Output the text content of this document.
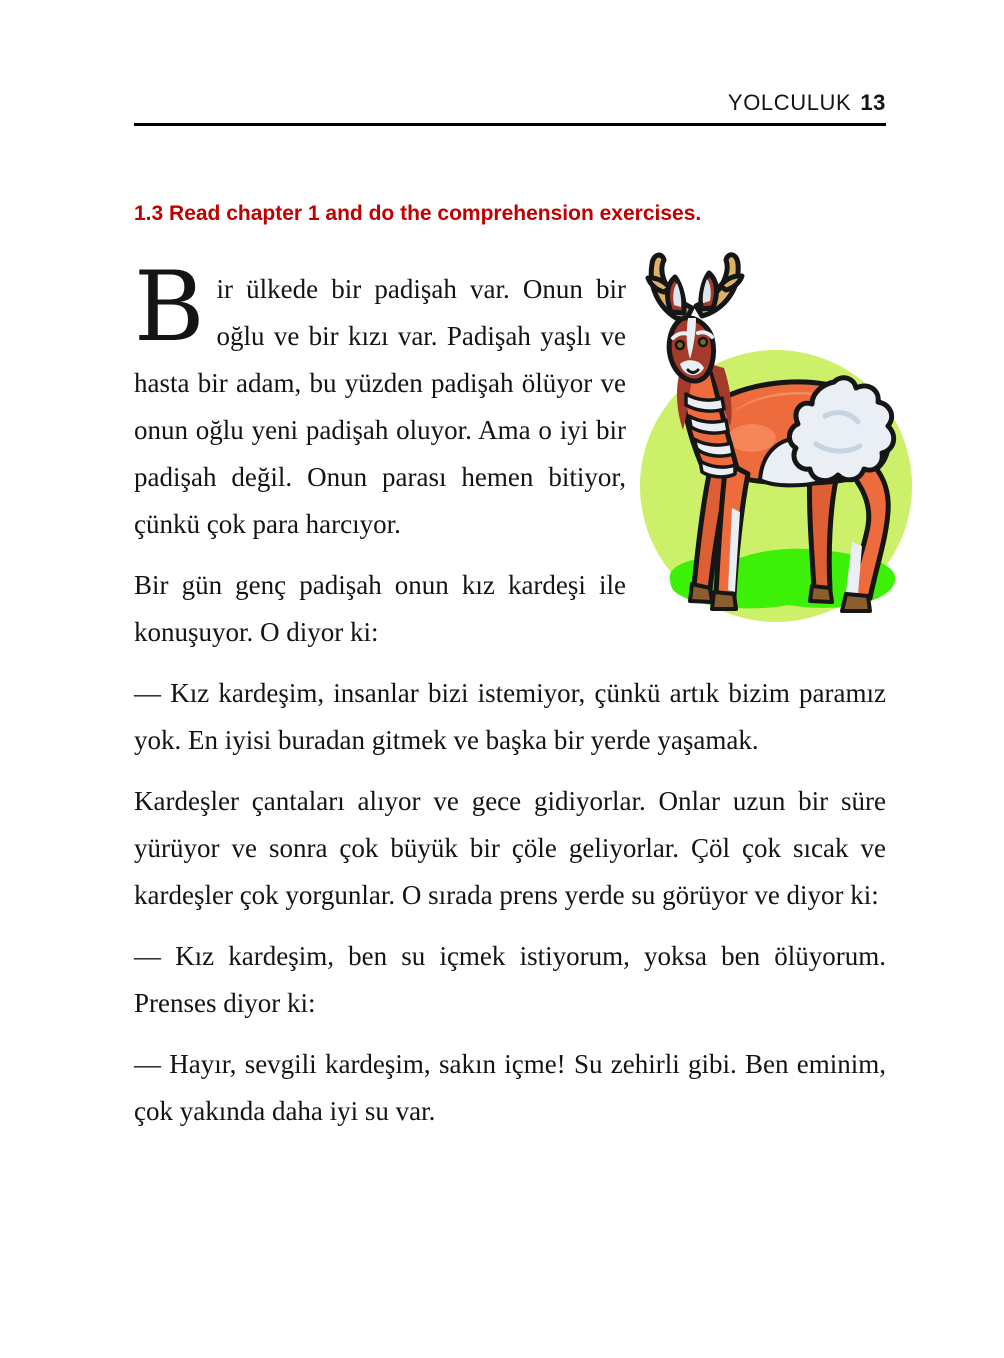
YOLCULUK 13
1.3 Read chapter 1 and do the comprehension exercises.

Bir ülkede bir padişah var. Onun bir oğlu ve bir kızı var. Padişah yaşlı ve hasta bir adam, bu yüzden padişah ölüyor ve onun oğlu yeni padişah oluyor. Ama o iyi bir padişah değil. Onun parası hemen bitiyor, çünkü çok para harcıyor.

Bir gün genç padişah onun kız kardeşi ile konuşuyor. O diyor ki:

— Kız kardeşim, insanlar bizi istemiyor, çünkü artık bizim paramız yok. En iyisi buradan gitmek ve başka bir yerde yaşamak.

Kardeşler çantaları alıyor ve gece gidiyorlar. Onlar uzun bir süre yürüyor ve sonra çok büyük bir çöle geliyorlar. Çöl çok sıcak ve kardeşler çok yorgunlar. O sırada prens yerde su görüyor ve diyor ki:

— Kız kardeşim, ben su içmek istiyorum, yoksa ben ölüyorum. Prenses diyor ki:

— Hayır, sevgili kardeşim, sakın içme! Su zehirli gibi. Ben eminim, çok yakında daha iyi su var.
